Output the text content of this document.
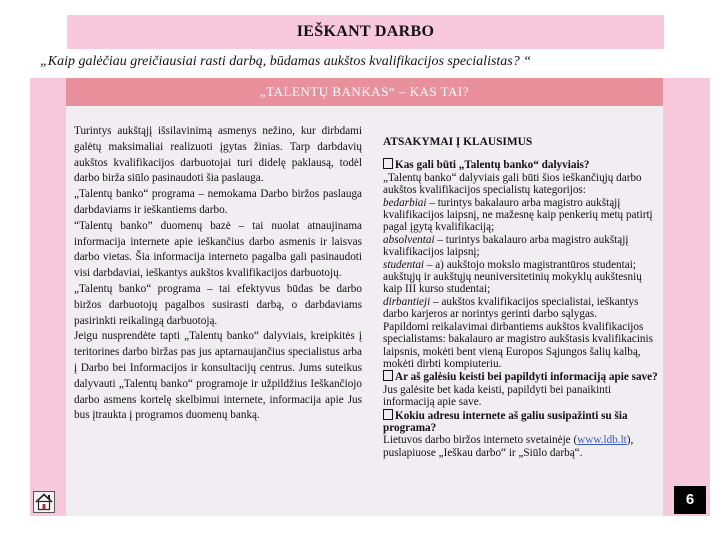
IEŠKANT DARBO
„Kaip galėčiau greičiausiai rasti darbą, būdamas aukštos kvalifikacijos specialistas? “
„TALENTŲ BANKAS“ – KAS TAI?

Turintys aukštąjį išsilavinimą asmenys nežino, kur dirbdami galėtų maksimaliai realizuoti įgytas žinias. Tarp darbdavių aukštos kvalifikacijos darbuotojai turi didelę paklausą, todėl darbo birža siūlo pasinaudoti šia paslauga.

„Talentų banko“ programa – nemokama Darbo biržos paslauga darbdaviams ir ieškantiems darbo.

“Talentų banko” duomenų bazė – tai nuolat atnaujinama informacija internete apie ieškančius darbo asmenis ir laisvas darbo vietas. Šia informacija interneto pagalba gali pasinaudoti visi darbdaviai, ieškantys aukštos kvalifikacijos darbuotojų.

„Talentų banko“ programa – tai efektyvus būdas be darbo biržos darbuotojų pagalbos susirasti darbą, o darbdaviams pasirinkti reikalingą darbuotoją.

Jeigu nusprendėte tapti „Talentų banko“ dalyviais, kreipkitės į teritorines darbo biržas pas jus aptarnaujančius specialistus arba į Darbo bei Informacijos ir konsultacijų centrus. Jums suteikus dalyvauti „Talentų banko“ programoje ir užpildžius Ieškančiojo darbo asmens kortelę skelbimui internete, informacija apie Jus bus įtraukta į programos duomenų banką.

ATSAKYMAI Į KLAUSIMUS

Kas gali būti „Talentų banko“ dalyviais?

„Talentų banko“ dalyviais gali būti šios ieškančiųjų darbo aukštos kvalifikacijos specialistų kategorijos:

bedarbiai – turintys bakalauro arba magistro aukštąjį kvalifikacijos laipsnį, ne mažesnę kaip penkerių metų patirtį pagal įgytą kvalifikaciją;

absolventai – turintys bakalauro arba magistro aukštąjį kvalifikacijos laipsnį;

studentai – a) aukštojo mokslo magistrantūros studentai; aukštųjų ir aukštųjų neuniversitetinių mokyklų aukštesnių kaip III kurso studentai;

dirbantieji – aukštos kvalifikacijos specialistai, ieškantys darbo karjeros ar norintys gerinti darbo sąlygas.

Papildomi reikalavimai dirbantiems aukštos kvalifikacijos specialistams: bakalauro ar magistro aukštasis kvalifikacinis laipsnis, mokėti bent vieną Europos Sąjungos šalių kalbą, mokėti dirbti kompiuteriu.

Ar aš galėsiu keisti bei papildyti informaciją apie save?

Jus galėsite bet kada keisti, papildyti bei panaikinti informaciją apie save.

Kokiu adresu internete aš galiu susipažinti su šia programa?

Lietuvos darbo biržos interneto svetainėje (www.ldb.lt), puslapiuose „Ieškau darbo“ ir „Siūlo darbą“.

6
